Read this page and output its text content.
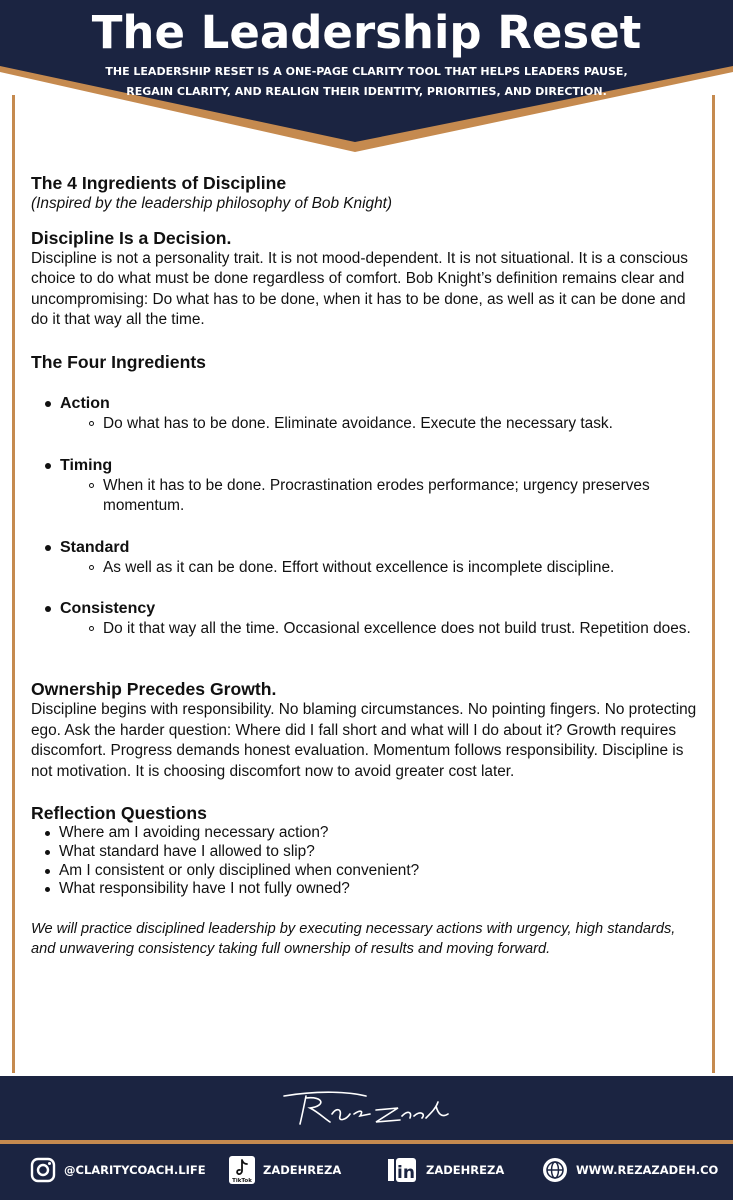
The Leadership Reset
THE LEADERSHIP RESET IS A ONE-PAGE CLARITY TOOL THAT HELPS LEADERS PAUSE, REGAIN CLARITY, AND REALIGN THEIR IDENTITY, PRIORITIES, AND DIRECTION.

The 4 Ingredients of Discipline

(Inspired by the leadership philosophy of Bob Knight)

Discipline Is a Decision.

Discipline is not a personality trait. It is not mood-dependent. It is not situational. It is a conscious choice to do what must be done regardless of comfort. Bob Knight’s definition remains clear and uncompromising: Do what has to be done, when it has to be done, as well as it can be done and do it that way all the time.

The Four Ingredients

Action
Do what has to be done. Eliminate avoidance. Execute the necessary task.
Timing
When it has to be done. Procrastination erodes performance; urgency preserves momentum.
Standard
As well as it can be done. Effort without excellence is incomplete discipline.
Consistency
Do it that way all the time. Occasional excellence does not build trust. Repetition does.

Ownership Precedes Growth.

Discipline begins with responsibility. No blaming circumstances. No pointing fingers. No protecting ego. Ask the harder question: Where did I fall short and what will I do about it? Growth requires discomfort. Progress demands honest evaluation. Momentum follows responsibility. Discipline is not motivation. It is choosing discomfort now to avoid greater cost later.

Reflection Questions

Where am I avoiding necessary action?
What standard have I allowed to slip?
Am I consistent or only disciplined when convenient?
What responsibility have I not fully owned?

We will practice disciplined leadership by executing necessary actions with urgency, high standards, and unwavering consistency taking full ownership of results and moving forward.

@CLARITYCOACH.LIFE
TikTok
ZADEHREZA	in ZADEHREZA	WWW.REZAZADEH.CO
